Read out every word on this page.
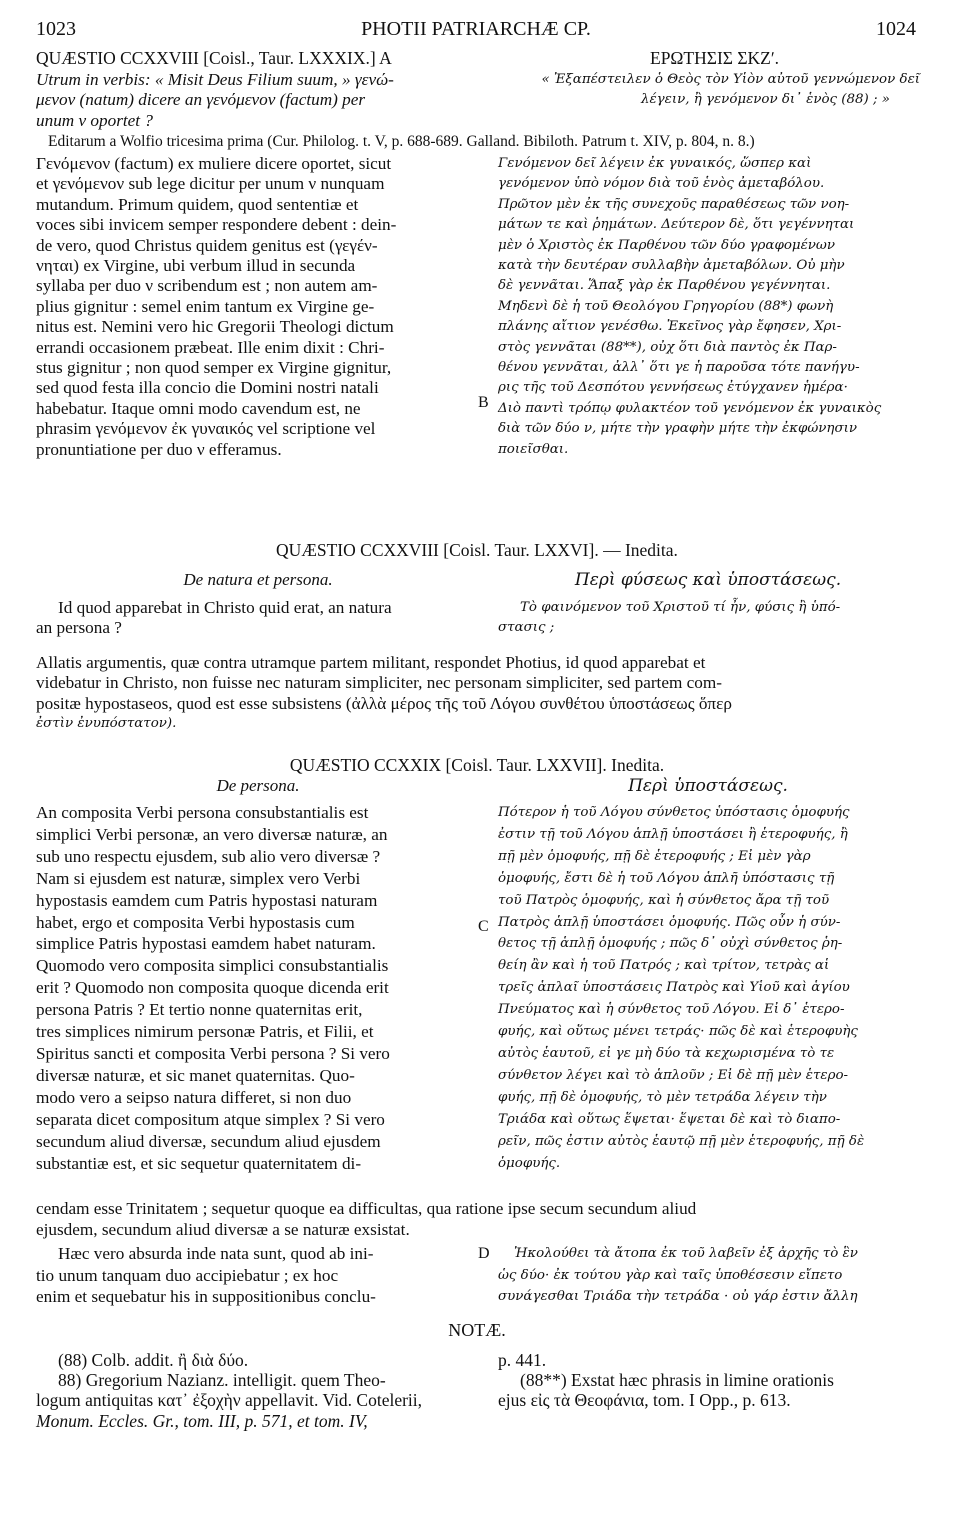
1023	PHOTII PATRIARCHÆ CP.	1024
QUÆSTIO CCXXVIII [Coisl., Taur. LXXXIX.] A	ΕΡΩΤΗΣΙΣ ΣΚΖʹ.

Utrum in verbis: « Misit Deus Filium suum, » γενώ-

μενον (natum) dicere an γενόμενον (factum) per

unum ν oportet ?

« Ἐξαπέστειλεν ὁ Θεὸς τὸν Υἱὸν αὐτοῦ γεννώμενον δεῖ

λέγειν, ἢ γενόμενον δι᾽ ἑνὸς (88) ; »

Editarum a Wolfio tricesima prima (Cur. Philolog. t. V, p. 688-689. Galland. Bibiloth. Patrum t. XIV, p. 804, n. 8.)

Γενόμενον (factum) ex muliere dicere oportet, sicut

et γενόμενον sub lege dicitur per unum ν nunquam

mutandum. Primum quidem, quod sententiæ et

voces sibi invicem semper respondere debent : dein-

de vero, quod Christus quidem genitus est (γεγέν-

νηται) ex Virgine, ubi verbum illud in secunda

syllaba per duo ν scribendum est ; non autem am-

plius gignitur : semel enim tantum ex Virgine ge-

nitus est. Nemini vero hic Gregorii Theologi dictum

errandi occasionem præbeat. Ille enim dixit : Chri-

stus gignitur ; non quod semper ex Virgine gignitur,

sed quod festa illa concio die Domini nostri natali

habebatur. Itaque omni modo cavendum est, ne

phrasim γενόμενον ἐκ γυναικός vel scriptione vel

pronuntiatione per duo ν efferamus.

B

Γενόμενον δεῖ λέγειν ἐκ γυναικός, ὥσπερ καὶ

γενόμενον ὑπὸ νόμον διὰ τοῦ ἑνὸς ἀμεταβόλου.

Πρῶτον μὲν ἐκ τῆς συνεχοῦς παραθέσεως τῶν νοη-

μάτων τε καὶ ῥημάτων. Δεύτερον δὲ, ὅτι γεγέννηται

μὲν ὁ Χριστὸς ἐκ Παρθένου τῶν δύο γραφομένων

κατὰ τὴν δευτέραν συλλαβὴν ἀμεταβόλων. Οὐ μὴν

δὲ γεννᾶται. Ἅπαξ γὰρ ἐκ Παρθένου γεγέννηται.

Μηδενὶ δὲ ἡ τοῦ Θεολόγου Γρηγορίου (88*) φωνὴ

πλάνης αἴτιον γενέσθω. Ἐκεῖνος γὰρ ἔφησεν, Χρι-

στὸς γεννᾶται (88**), οὐχ ὅτι διὰ παντὸς ἐκ Παρ-

θένου γεννᾶται, ἀλλ᾽ ὅτι γε ἡ παροῦσα τότε πανήγυ-

ρις τῆς τοῦ Δεσπότου γεννήσεως ἐτύγχανεν ἡμέρα·

Διὸ παντὶ τρόπῳ φυλακτέον τοῦ γενόμενον ἐκ γυναικὸς

διὰ τῶν δύο ν, μήτε τὴν γραφὴν μήτε τὴν ἐκφώνησιν

ποιεῖσθαι.

QUÆSTIO CCXXVIII [Coisl. Taur. LXXVI]. — Inedita.
De natura et persona.	Περὶ φύσεως καὶ ὑποστάσεως.

Id quod apparebat in Christo quid erat, an natura

an persona ?

Τὸ φαινόμενον τοῦ Χριστοῦ τί ἦν, φύσις ἢ ὑπό-

στασις ;

Allatis argumentis, quæ contra utramque partem militant, respondet Photius, id quod apparebat et

videbatur in Christo, non fuisse nec naturam simpliciter, nec personam simpliciter, sed partem com-

positæ hypostaseos, quod est esse subsistens (ἀλλὰ μέρος τῆς τοῦ Λόγου συνθέτου ὑποστάσεως ὅπερ

ἐστὶν ἐνυπόστατον).

QUÆSTIO CCXXIX [Coisl. Taur. LXXVII]. Inedita.
De persona.	Περὶ ὑποστάσεως.

An composita Verbi persona consubstantialis est

simplici Verbi personæ, an vero diversæ naturæ, an

sub uno respectu ejusdem, sub alio vero diversæ ?

Nam si ejusdem est naturæ, simplex vero Verbi

hypostasis eamdem cum Patris hypostasi naturam

habet, ergo et composita Verbi hypostasis cum

simplice Patris hypostasi eamdem habet naturam.

Quomodo vero composita simplici consubstantialis

erit ? Quomodo non composita quoque dicenda erit

persona Patris ? Et tertio nonne quaternitas erit,

tres simplices nimirum personæ Patris, et Filii, et

Spiritus sancti et composita Verbi persona ? Si vero

diversæ naturæ, et sic manet quaternitas. Quo-

modo vero a seipso natura differet, si non duo

separata dicet compositum atque simplex ? Si vero

secundum aliud diversæ, secundum aliud ejusdem

substantiæ est, et sic sequetur quaternitatem di-

C

Πότερον ἡ τοῦ Λόγου σύνθετος ὑπόστασις ὁμοφυής

ἐστιν τῇ τοῦ Λόγου ἁπλῇ ὑποστάσει ἢ ἑτεροφυής, ἢ

πῇ μὲν ὁμοφυής, πῇ δὲ ἑτεροφυής ; Εἰ μὲν γὰρ

ὁμοφυής, ἔστι δὲ ἡ τοῦ Λόγου ἁπλῆ ὑπόστασις τῇ

τοῦ Πατρὸς ὁμοφυής, καὶ ἡ σύνθετος ἄρα τῇ τοῦ

Πατρὸς ἁπλῇ ὑποστάσει ὁμοφυής. Πῶς οὖν ἡ σύν-

θετος τῇ ἁπλῇ ὁμοφυής ; πῶς δ᾽ οὐχὶ σύνθετος ῥη-

θείη ἂν καὶ ἡ τοῦ Πατρός ; καὶ τρίτον, τετρὰς αἱ

τρεῖς ἁπλαῖ ὑποστάσεις Πατρὸς καὶ Υἱοῦ καὶ ἁγίου

Πνεύματος καὶ ἡ σύνθετος τοῦ Λόγου. Εἰ δ᾽ ἑτερο-

φυής, καὶ οὕτως μένει τετράς· πῶς δὲ καὶ ἑτεροφυὴς

αὐτὸς ἑαυτοῦ, εἰ γε μὴ δύο τὰ κεχωρισμένα τὸ τε

σύνθετον λέγει καὶ τὸ ἁπλοῦν ; Εἰ δὲ πῇ μὲν ἑτερο-

φυής, πῇ δὲ ὁμοφυής, τὸ μὲν τετράδα λέγειν τὴν

Τριάδα καὶ οὕτως ἕψεται· ἕψεται δὲ καὶ τὸ διαπο-

ρεῖν, πῶς ἐστιν αὐτὸς ἑαυτῷ πῇ μὲν ἑτεροφυής, πῇ δὲ

ὁμοφυής.

cendam esse Trinitatem ; sequetur quoque ea difficultas, qua ratione ipse secum secundum aliud

ejusdem, secundum aliud diversæ a se naturæ exsistat.

Hæc vero absurda inde nata sunt, quod ab ini-

tio unum tanquam duo accipiebatur ; ex hoc

enim et sequebatur his in suppositionibus conclu-

D	Ἠκολούθει τὰ ἄτοπα ἐκ τοῦ λαβεῖν ἐξ ἀρχῆς τὸ ἓν

ὡς δύο· ἐκ τούτου γὰρ καὶ ταῖς ὑποθέσεσιν εἴπετο

συνάγεσθαι Τριάδα τὴν τετράδα · οὐ γάρ ἐστιν ἄλλη

NOTÆ.

(88) Colb. addit. ἢ διὰ δύο.

88) Gregorium Nazianz. intelligit. quem Theo-

logum antiquitas κατ᾽ ἐξοχὴν appellavit. Vid. Cotelerii,

Monum. Eccles. Gr., tom. III, p. 571, et tom. IV,

p. 441.

(88**) Exstat hæc phrasis in limine orationis

ejus εἰς τὰ Θεοφάνια, tom. I Opp., p. 613.
